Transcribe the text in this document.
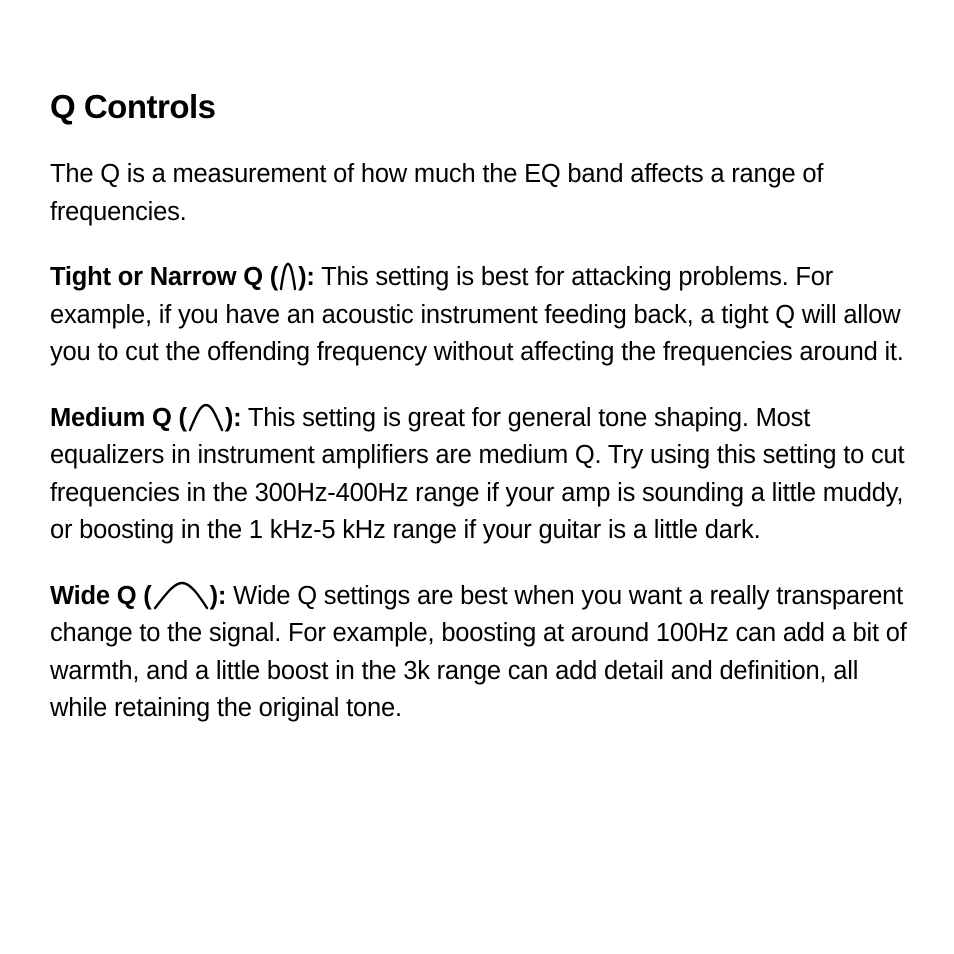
Q Controls

The Q is a measurement of how much the EQ band affects a range of frequencies.

Tight or Narrow Q ( ): This setting is best for attacking problems. For example, if you have an acoustic instrument feeding back, a tight Q will allow you to cut the offending frequency without affecting the frequencies around it.

Medium Q ( ): This setting is great for general tone shaping. Most equalizers in instrument amplifiers are medium Q. Try using this setting to cut frequencies in the 300Hz-400Hz range if your amp is sounding a little muddy, or boosting in the 1 kHz-5 kHz range if your guitar is a little dark.

Wide Q ( ): Wide Q settings are best when you want a really transparent change to the signal. For example, boosting at around 100Hz can add a bit of warmth, and a little boost in the 3k range can add detail and definition, all while retaining the original tone.
